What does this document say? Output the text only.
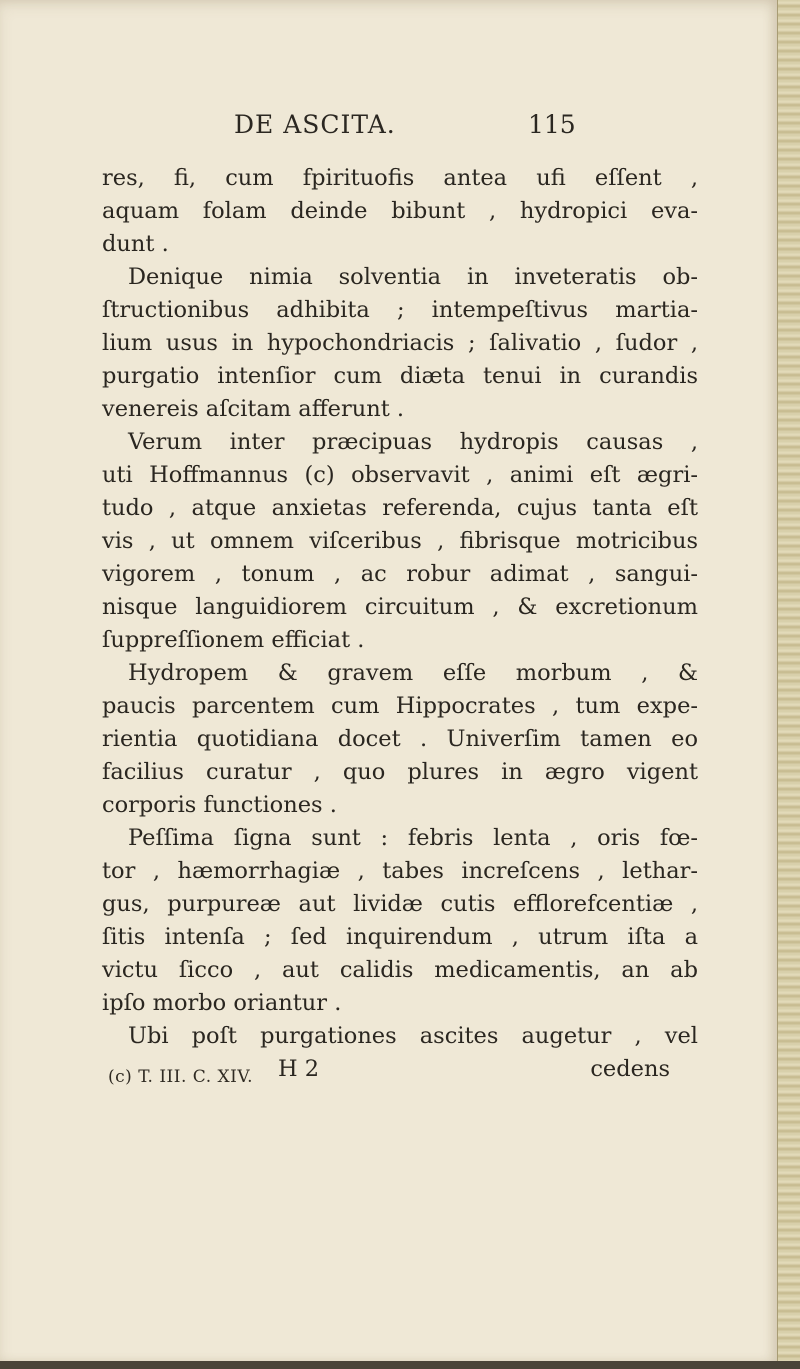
DE ASCITA.	115
res, fi, cum fpirituofis antea ufi eſſent ,
aquam folam deinde bibunt , hydropici eva-
dunt .
Denique nimia solventia in inveteratis ob-
ſtructionibus adhibita ; intempeſtivus martia-
lium usus in hypochondriacis ; ſalivatio , ſudor ,
purgatio intenſior cum diæta tenui in curandis
venereis aſcitam afferunt .
Verum inter præcipuas hydropis causas ,
uti Hoffmannus (c) observavit , animi eſt ægri-
tudo , atque anxietas referenda, cujus tanta eſt
vis , ut omnem viſceribus , fibrisque motricibus
vigorem , tonum , ac robur adimat , sangui-
nisque languidiorem circuitum , & excretionum
ſuppreſſionem efficiat .
Hydropem & gravem eſſe morbum , &
paucis parcentem cum Hippocrates , tum expe-
rientia quotidiana docet . Univerſim tamen eo
facilius curatur , quo plures in ægro vigent
corporis functiones .
Peſſima ſigna sunt : febris lenta , oris fœ-
tor , hæmorrhagiæ , tabes increſcens , lethar-
gus, purpureæ aut lividæ cutis efflorefcentiæ ,
ſitis intenſa ; ſed inquirendum , utrum iſta a
victu ſicco , aut calidis medicamentis, an ab
ipſo morbo oriantur .
Ubi poſt purgationes ascites augetur , vel
H 2	cedens
(c) T. III. C. XIV.
